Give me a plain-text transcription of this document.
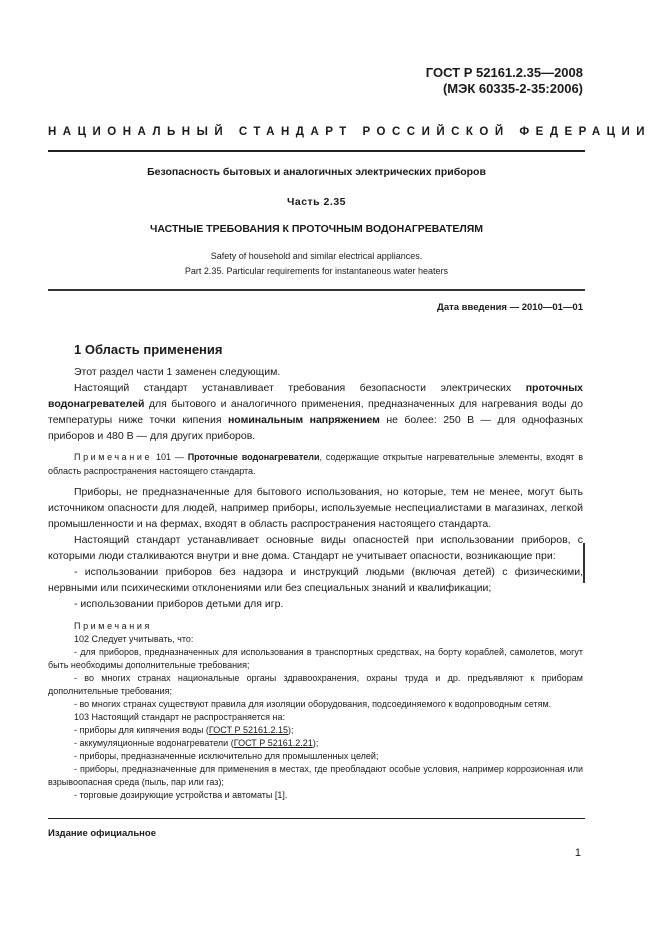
ГОСТ Р 52161.2.35—2008
(МЭК 60335-2-35:2006)
НАЦИОНАЛЬНЫЙ СТАНДАРТ РОССИЙСКОЙ ФЕДЕРАЦИИ
Безопасность бытовых и аналогичных электрических приборов
Часть 2.35
ЧАСТНЫЕ ТРЕБОВАНИЯ К ПРОТОЧНЫМ ВОДОНАГРЕВАТЕЛЯМ
Safety of household and similar electrical appliances.
Part 2.35. Particular requirements for instantaneous water heaters
Дата введения — 2010—01—01
1 Область применения

Этот раздел части 1 заменен следующим.

Настоящий стандарт устанавливает требования безопасности электрических проточных водонагревателей для бытового и аналогичного применения, предназначенных для нагревания воды до температуры ниже точки кипения номинальным напряжением не более: 250 В — для однофазных приборов и 480 В — для других приборов.

Примечание 101 — Проточные водонагреватели, содержащие открытые нагревательные элементы, входят в область распространения настоящего стандарта.

Приборы, не предназначенные для бытового использования, но которые, тем не менее, могут быть источником опасности для людей, например приборы, используемые неспециалистами в магазинах, легкой промышленности и на фермах, входят в область распространения настоящего стандарта.

Настоящий стандарт устанавливает основные виды опасностей при использовании приборов, с которыми люди сталкиваются внутри и вне дома. Стандарт не учитывает опасности, возникающие при:

- использовании приборов без надзора и инструкций людьми (включая детей) с физическими, нервными или психическими отклонениями или без специальных знаний и квалификации;

- использовании приборов детьми для игр.

Примечания

102 Следует учитывать, что:

- для приборов, предназначенных для использования в транспортных средствах, на борту кораблей, самолетов, могут быть необходимы дополнительные требования;

- во многих странах национальные органы здравоохранения, охраны труда и др. предъявляют к приборам дополнительные требования;

- во многих странах существуют правила для изоляции оборудования, подсоединяемого к водопроводным сетям.

103 Настоящий стандарт не распространяется на:

- приборы для кипячения воды (ГОСТ Р 52161.2.15);

- аккумуляционные водонагреватели (ГОСТ Р 52161.2.21);

- приборы, предназначенные исключительно для промышленных целей;

- приборы, предназначенные для применения в местах, где преобладают особые условия, например коррозионная или взрывоопасная среда (пыль, пар или газ);

- торговые дозирующие устройства и автоматы [1].

Издание официальное
1
